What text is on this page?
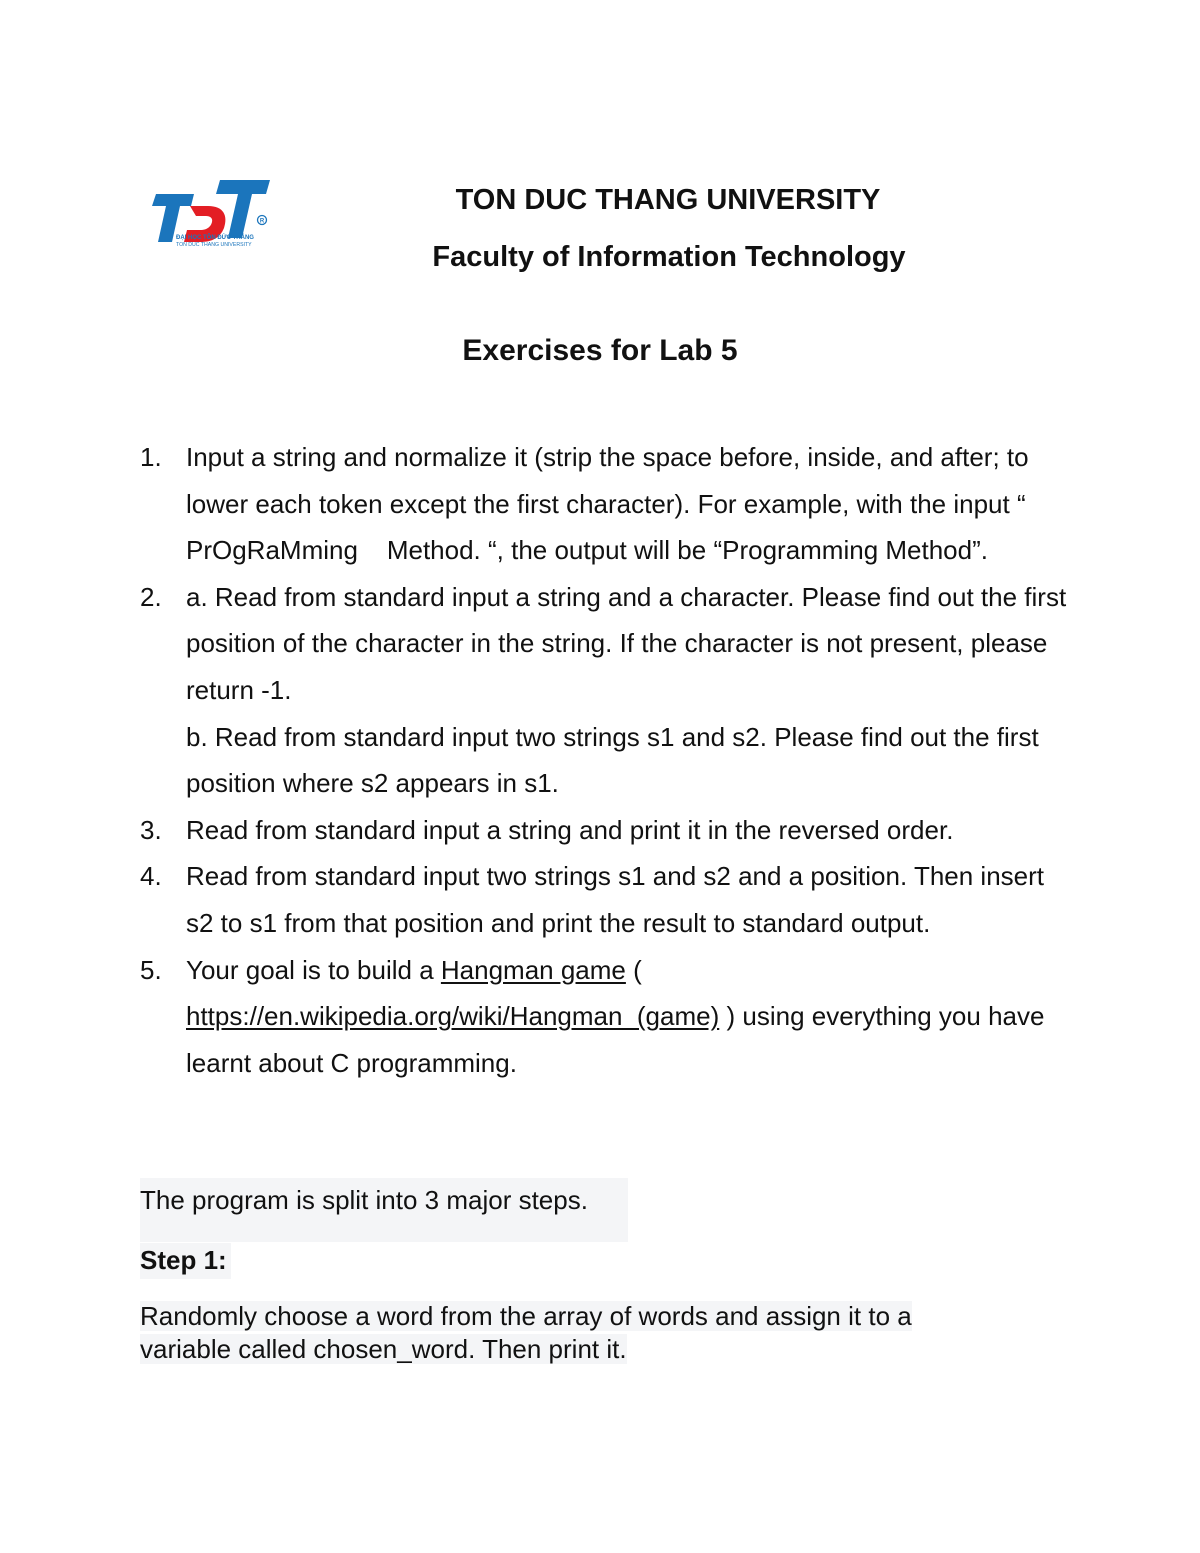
R
ĐẠI HỌC TÔN ĐỨC THẮNG
TON DUC THANG UNIVERSITY
TON DUC THANG UNIVERSITY
Faculty of Information Technology
Exercises for Lab 5
1. Input a string and normalize it (strip the space before, inside, and after; to lower each token except the first character). For example, with the input “  PrOgRaMming    Method. “, the output will be “Programming Method”.
2. a. Read from standard input a string and a character. Please find out the first position of the character in the string. If the character is not present, please return -1.
b. Read from standard input two strings s1 and s2. Please find out the first position where s2 appears in s1.
3. Read from standard input a string and print it in the reversed order.
4. Read from standard input two strings s1 and s2 and a position. Then insert s2 to s1 from that position and print the result to standard output.
5. Your goal is to build a Hangman game ( https://en.wikipedia.org/wiki/Hangman_(game) ) using everything you have learnt about C programming.
The program is split into 3 major steps.
Step 1:
Randomly choose a word from the array of words and assign it to a
variable called chosen_word. Then print it.
